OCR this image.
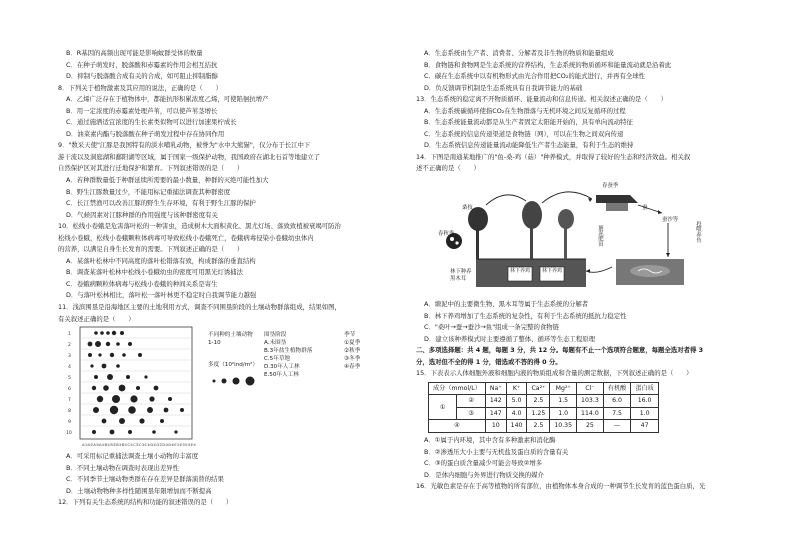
B．R基因的高频出现可能是影响蚊群受体的数量
C．在种子萌发时，脱落酸和赤霉素的作用会相互拮抗
D．抑制与脱落酸合成有关的合成，如可阻止抑制脂醇
8．下列关于植物激素及其应用的说法，正确的是（　　）
A．乙烯广泛存在于植物体中，都能抗形积累浓度乙烯，可使陷徊抗增产
B．用一定浓度的赤霉素处理芦苇，可以使芦苇茎增长
C．通过施洒适宜浓度的生长素类似物可以进行加速果柠成长
D．油菜素内酯与脱落酸在种子萌发过程中存在协同作用
9．"数采天使"江豚是我国特有的淡水哺乳动物，被誉为"水中大熊猫"，仅分布于长江中下
游干流以及洞庭湖和鄱阳湖等区域，属于国家一级保护动物，我国政府在湖北石首等地建立了
自然保护区对其进行迁地保护和繁育。下列叙述错误的是（　　）
A．若种群数量低于种群延续所需要的最小数量，种群的灭绝可能性加大
B．野生江豚数量过少，不能用标记重捕法调查其种群密度
C．长江禁渔可以改善江豚的野生生存环境，有利于野生江豚的保护
D．气候因素对江豚种群的作用强度与该种群密度有关
10．松线小卷蛾是危害落叶松的一种害虫，造成树木大面积黄化、黑尤灯场、落致致植被衰竭可防治
松线小卷蛾，松线小卷蛾颗粒体病毒可导致松线小卷蛾死亡，卷蛾病毒侵染小卷蛾幼虫体内
的营养，以满足自身生长发育的需要。下列叙述正确的是（　　）
A．某落叶松林中不同高度的落叶松错落有致，构成群落的垂直结构
B．调查某落叶松林中松线小卷蛾幼虫的密度可用黑光灯诱捕法
C．卷蛾病颗粒体病毒与松线小卷蛾的种间关系是寄生
D．与落叶松林相比，落叶松一落叶林更不稳定时自我调节能力越强
11．浅滨围垦是沿海地区主要的土地利用方式，调查不同围垦阶段的土壤动物群落组成，结果如图，
有关叙述正确的是（　　）
1
2
3
4
5
6
7
8
9
10
A①A②A③A④B①B②B③B④C①C②C③C④D①D②D③D④E①E②E③E④
不同种的土壤动物
1-10
多度（10²ind/m²）
围垦阶段
A.未围垦
B.3年盐生植物群落
C.5年草地
D.30年人工林
E.50年人工林
季节
①夏季
②秋季
③冬季
④春季
A．可采用标记重捕法调查土壤小动物的丰富度
B．不同土壤动物在调查时表现出差异性
C．不同季节土壤动物类群在存在差异是群落演替的结果
D．土壤动物物种多样性随围垦年限增加而不断提高
12．下列有关生态系统的结构和功能的叙述错误的是（　　）
A．生态系统由生产者、消费者、分解者及非生物的物质和能量组成
B．食物链和食物网是生态系统的营养结构，生态系统的物质循环和能量流动就是沿着此
C．碳在生态系统中以有机物形式由光合作用把CO₂的能式进行，并再有全球性
D．负反馈调节机制是生态系统具有自我调节能力的基础
13．生态系统的稳定离不开物质循环、能量流动和信息传递。相关叙述正确的是（　　）
A．生态系统碳循环使指CO₂在生物群落与无机环境之间反复循环的过程
B．生态系统能量流动都是从生产者固定太阳能开始的，具有单向流动特征
C．生态系统的信息传递渠道是食物链（网），可以在生物之间双向传递
D．生态系统信息传递能量流动能降低生产者生态能量，有利于生态的维持
14．下图是南通某地推广的"鱼-桑-鸡（菇）"种养模式，并取得了较好的生态和经济效益。相关叙
述不正确的是（　　）
春蚕季
桑枝
春秋季
蚕
蚕沙等
投喂养鱼
塘泥肥田
林下种养黑木耳
林下养鸡 林下养鸡
A．塘泥中的主要微生物、黑木耳等属于生态系统的分解者
B．林下养鸡增加了生态系统的复杂性，有利于生态系统的抵抗力稳定性
C．"桑叶→蚕→蚕沙→鱼"组成一条完整的食物链
D．建立该种养模式时主要遵循了整体、循环等生态工程原理
二、多项选择题：共 4 题，每题 3 分，共 12 分。每题有不止一个选项符合题意，每题全选对者得 3
分，选对但不全的得 1 分，错选或不答的得 0 分。
15．下表表示人体细胞外液和细胞内液的物质组成和含量的测定数据，下列叙述正确的是（　　）
成分（mmol/L）		Na⁺	K⁺	Ca²⁺	Mg²⁺	Cl⁻	有机酸	蛋白质
①	②	142	5.0	2.5	1.5	103.3	6.0	16.0
	③	147	4.0	1.25	1.0	114.0	7.5	1.0
④		10	140	2.5	10.35	25	—	47
A．①属于内环境，其中含有多种激素和消化酶
B．②渗透压大小主要与无机盐及蛋白质的含量有关
C．③的蛋白质含量减少可能会导致②增多
D．是体内细胞与外界进行物质交换的媒介
16．光敏色素是存在于高等植物的所有部位，由植物体本身合成的一种调节生长发育的蓝色蛋白质，光
